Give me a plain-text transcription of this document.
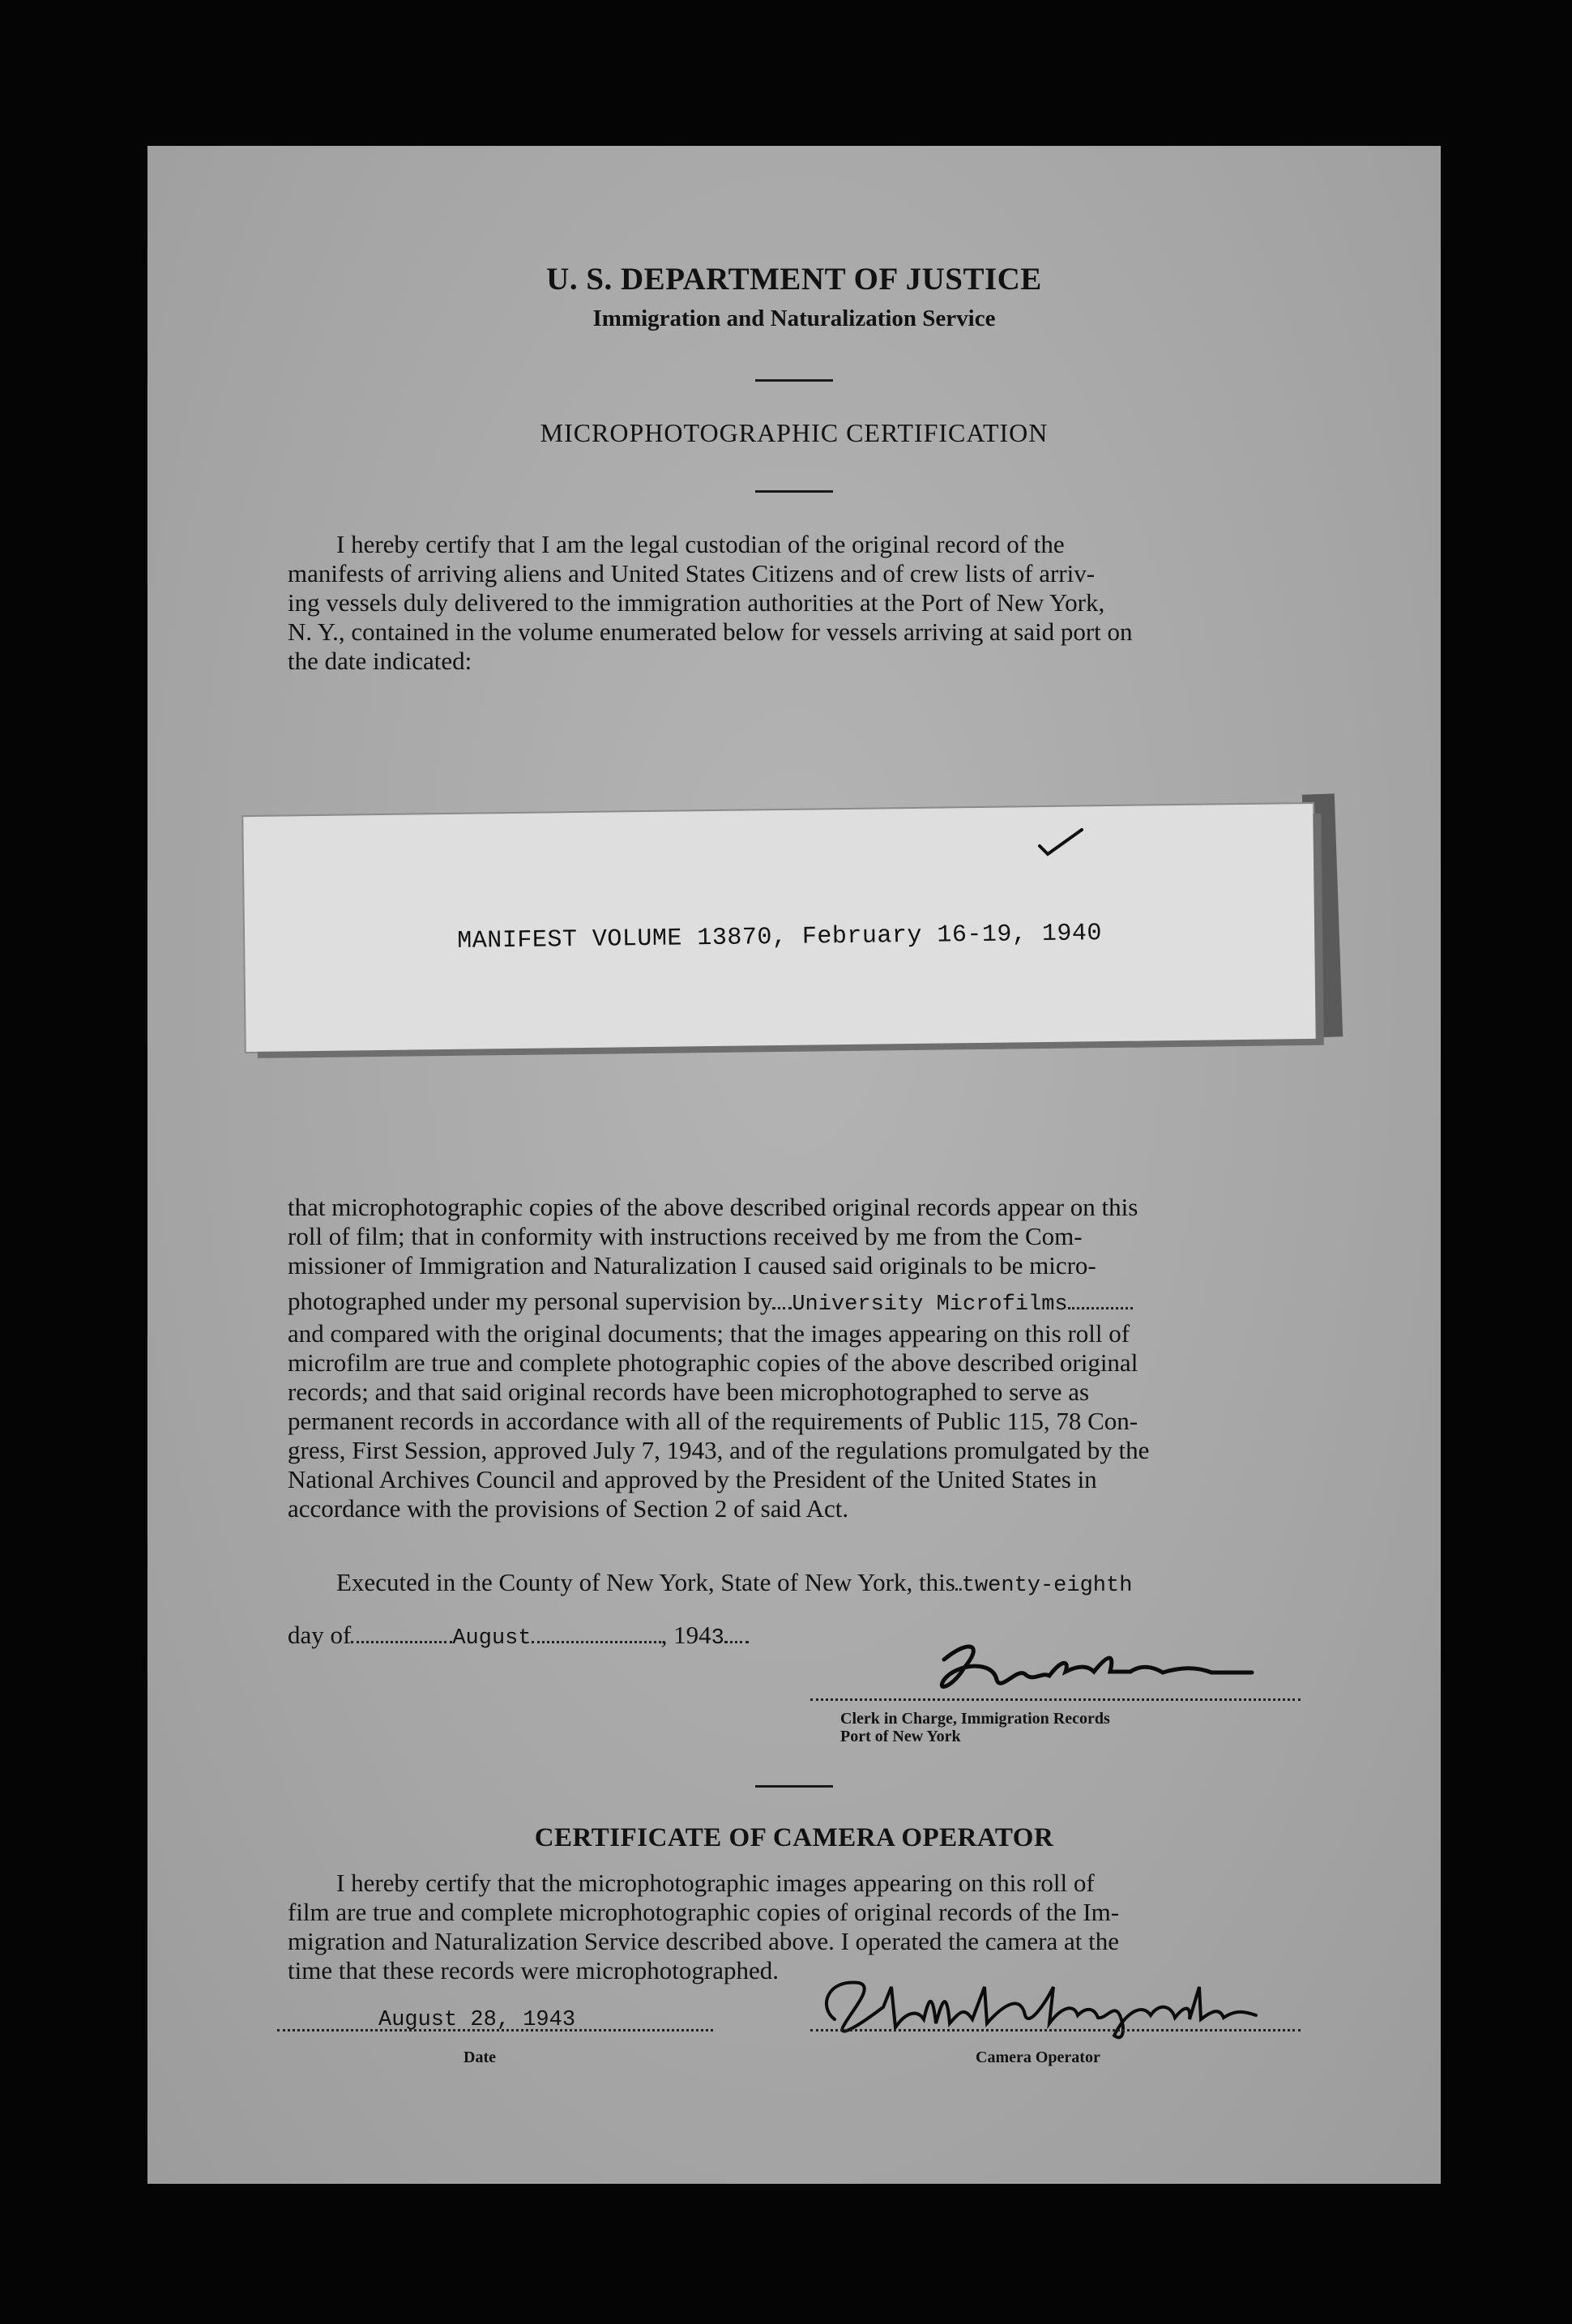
U. S. DEPARTMENT OF JUSTICE
Immigration and Naturalization Service
MICROPHOTOGRAPHIC CERTIFICATION
I hereby certify that I am the legal custodian of the original record of the
manifests of arriving aliens and United States Citizens and of crew lists of arriv-
ing vessels duly delivered to the immigration authorities at the Port of New York,
N. Y., contained in the volume enumerated below for vessels arriving at said port on
the date indicated:
MANIFEST VOLUME 13870, February 16-19, 1940
that microphotographic copies of the above described original records appear on this
roll of film; that in conformity with instructions received by me from the Com-
missioner of Immigration and Naturalization I caused said originals to be micro-
photographed under my personal supervision by University Microfilms
and compared with the original documents; that the images appearing on this roll of
microfilm are true and complete photographic copies of the above described original
records; and that said original records have been microphotographed to serve as
permanent records in accordance with all of the requirements of Public 115, 78 Con-
gress, First Session, approved July 7, 1943, and of the regulations promulgated by the
National Archives Council and approved by the President of the United States in
accordance with the provisions of Section 2 of said Act.
Executed in the County of New York, State of New York, this twenty-eighth
day of	August	, 1943
Clerk in Charge, Immigration Records
Port of New York
CERTIFICATE OF CAMERA OPERATOR
I hereby certify that the microphotographic images appearing on this roll of
film are true and complete microphotographic copies of original records of the Im-
migration and Naturalization Service described above. I operated the camera at the
time that these records were microphotographed.
August 28, 1943
Date	Camera Operator
